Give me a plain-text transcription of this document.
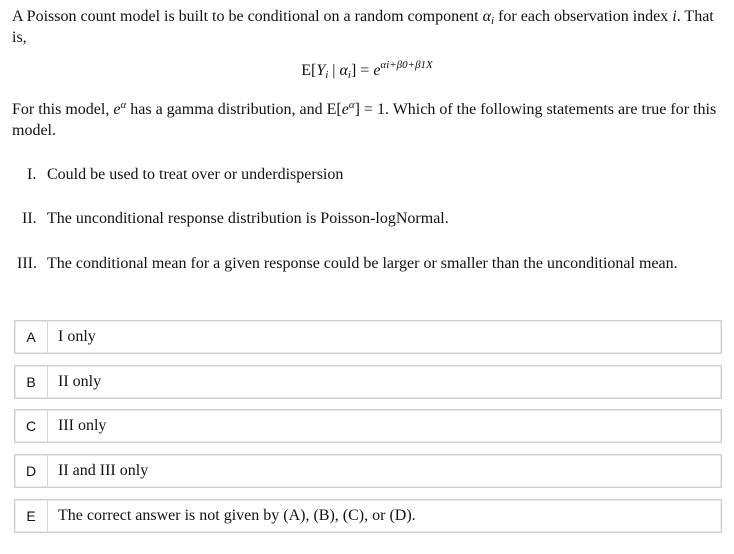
A Poisson count model is built to be conditional on a random component $\alpha_i$ for each observation index i. That is,
$E[Y_i$ | $\alpha_i] = e^{\alpha i+\beta 0+\beta 1X}$
For this model, $e^\alpha$ has a gamma distribution, and $E[e^\alpha] = 1$. Which of the following statements are true for this model.
I. Could be used to treat over or underdispersion
II. The unconditional response distribution is Poisson-logNormal.
III. The conditional mean for a given response could be larger or smaller than the unconditional mean.
A	I only
B	II only
C	III only
D	II and III only
E	The correct answer is not given by (A), (B), (C), or (D).
